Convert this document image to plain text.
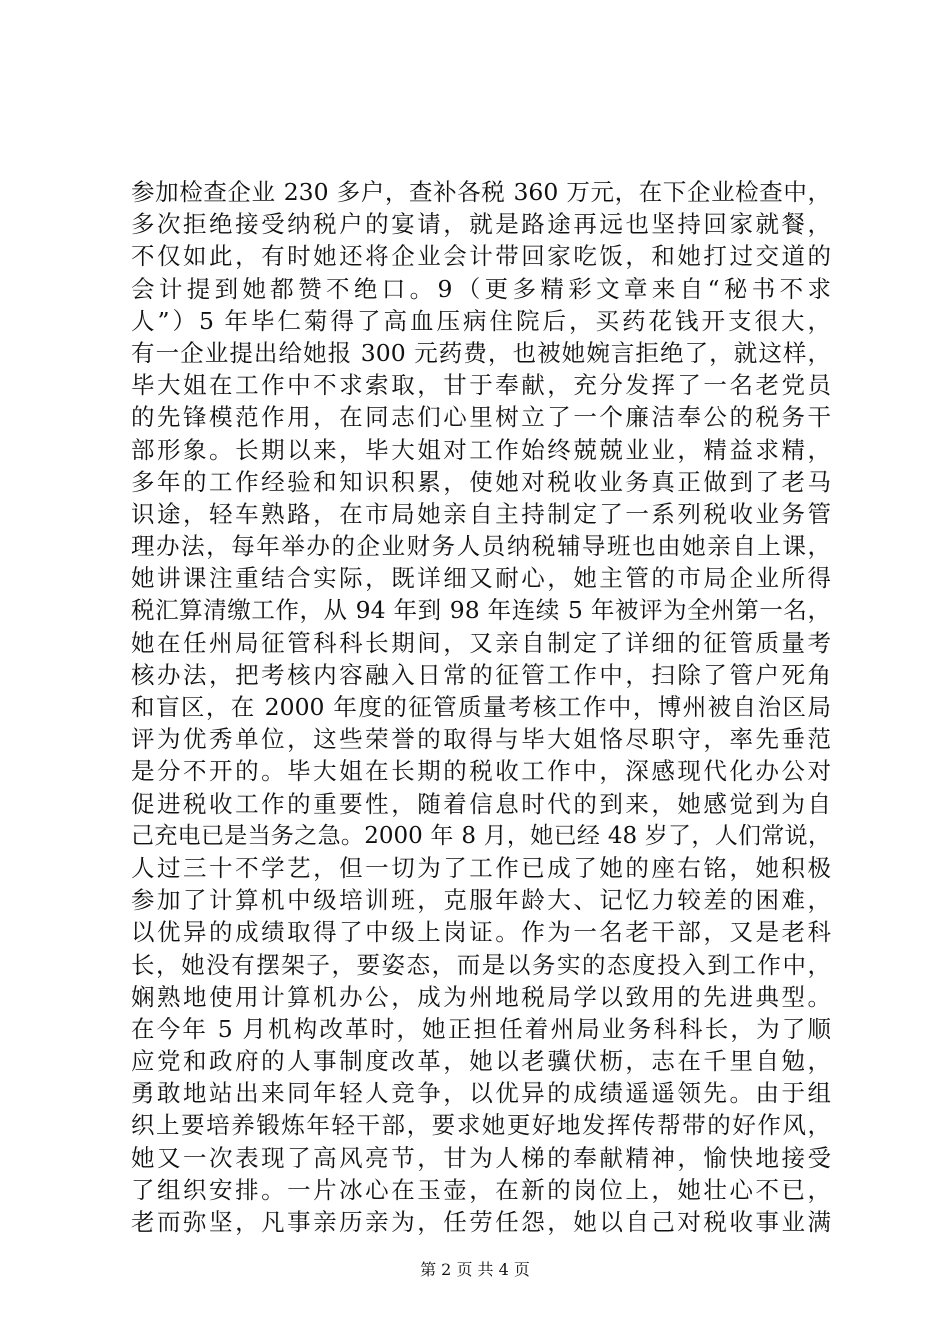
参加检查企业 230 多户，查补各税 360 万元，在下企业检查中，
多次拒绝接受纳税户的宴请，就是路途再远也坚持回家就餐，
不仅如此，有时她还将企业会计带回家吃饭，和她打过交道的
会计提到她都赞不绝口。9（更多精彩文章来自“秘书不求
人”）5 年毕仁菊得了高血压病住院后，买药花钱开支很大，
有一企业提出给她报 300 元药费，也被她婉言拒绝了，就这样，
毕大姐在工作中不求索取，甘于奉献，充分发挥了一名老党员
的先锋模范作用，在同志们心里树立了一个廉洁奉公的税务干
部形象。长期以来，毕大姐对工作始终兢兢业业，精益求精，
多年的工作经验和知识积累，使她对税收业务真正做到了老马
识途，轻车熟路，在市局她亲自主持制定了一系列税收业务管
理办法，每年举办的企业财务人员纳税辅导班也由她亲自上课，
她讲课注重结合实际，既详细又耐心，她主管的市局企业所得
税汇算清缴工作，从 94 年到 98 年连续 5 年被评为全州第一名，
她在任州局征管科科长期间，又亲自制定了详细的征管质量考
核办法，把考核内容融入日常的征管工作中，扫除了管户死角
和盲区，在 2000 年度的征管质量考核工作中，博州被自治区局
评为优秀单位，这些荣誉的取得与毕大姐恪尽职守，率先垂范
是分不开的。毕大姐在长期的税收工作中，深感现代化办公对
促进税收工作的重要性，随着信息时代的到来，她感觉到为自
己充电已是当务之急。2000 年 8 月，她已经 48 岁了，人们常说，
人过三十不学艺，但一切为了工作已成了她的座右铭，她积极
参加了计算机中级培训班，克服年龄大、记忆力较差的困难，
以优异的成绩取得了中级上岗证。作为一名老干部，又是老科
长，她没有摆架子，要姿态，而是以务实的态度投入到工作中，
娴熟地使用计算机办公，成为州地税局学以致用的先进典型。
在今年 5 月机构改革时，她正担任着州局业务科科长，为了顺
应党和政府的人事制度改革，她以老骥伏枥，志在千里自勉，
勇敢地站出来同年轻人竞争，以优异的成绩遥遥领先。由于组
织上要培养锻炼年轻干部，要求她更好地发挥传帮带的好作风，
她又一次表现了高风亮节，甘为人梯的奉献精神，愉快地接受
了组织安排。一片冰心在玉壶，在新的岗位上，她壮心不已，
老而弥坚，凡事亲历亲为，任劳任怨，她以自己对税收事业满
第 2 页 共 4 页
